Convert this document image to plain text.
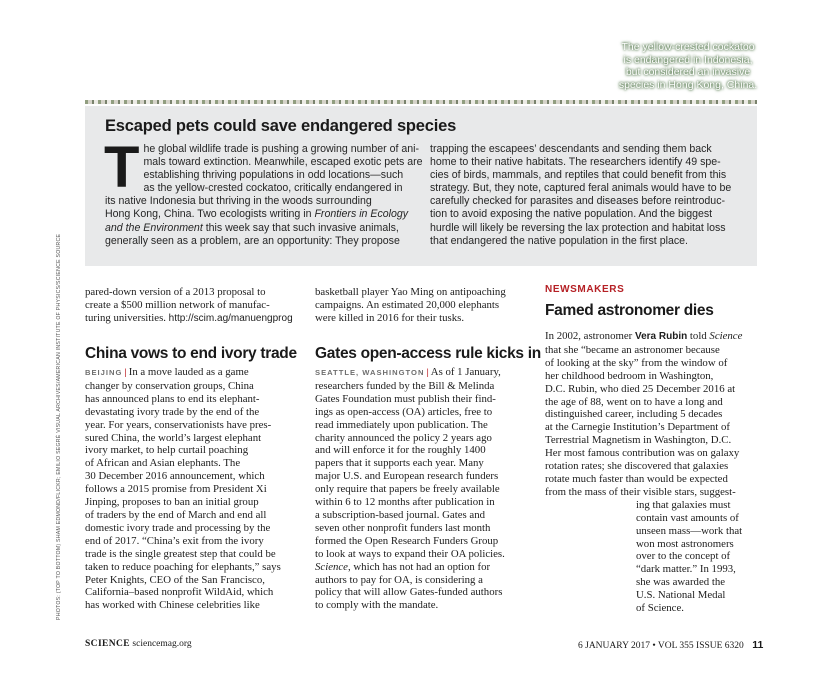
The yellow-crested cockatoo
is endangered in Indonesia,
but considered an invasive
species in Hong Kong, China.
Escaped pets could save endangered species
T he global wildlife trade is pushing a growing number of ani-
mals toward extinction. Meanwhile, escaped exotic pets are
establishing thriving populations in odd locations—such
as the yellow-crested cockatoo, critically endangered in
its native Indonesia but thriving in the woods surrounding
Hong Kong, China. Two ecologists writing in Frontiers in Ecology
and the Environment this week say that such invasive animals,
generally seen as a problem, are an opportunity: They propose
trapping the escapees’ descendants and sending them back
home to their native habitats. The researchers identify 49 spe-
cies of birds, mammals, and reptiles that could benefit from this
strategy. But, they note, captured feral animals would have to be
carefully checked for parasites and diseases before reintroduc-
tion to avoid exposing the native population. And the biggest
hurdle will likely be reversing the lax protection and habitat loss
that endangered the native population in the first place.
PHOTOS: (TOP TO BOTTOM) SHAM EDMOND/FLICKR; EMILIO SEGRÈ VISUAL ARCHIVES/AMERICAN INSTITUTE OF PHYSICS/SCIENCE SOURCE pared-down version of a 2013 proposal to
create a $500 million network of manufac-
turing universities. http://scim.ag/manuengprog
China vows to end ivory trade
BEIJING | In a move lauded as a game
changer by conservation groups, China
has announced plans to end its elephant-
devastating ivory trade by the end of the
year. For years, conservationists have pres-
sured China, the world’s largest elephant
ivory market, to help curtail poaching
of African and Asian elephants. The
30 December 2016 announcement, which
follows a 2015 promise from President Xi
Jinping, proposes to ban an initial group
of traders by the end of March and end all
domestic ivory trade and processing by the
end of 2017. “China’s exit from the ivory
trade is the single greatest step that could be
taken to reduce poaching for elephants,” says
Peter Knights, CEO of the San Francisco,
California–based nonprofit WildAid, which
has worked with Chinese celebrities like
basketball player Yao Ming on antipoaching
campaigns. An estimated 20,000 elephants
were killed in 2016 for their tusks.
Gates open-access rule kicks in
SEATTLE, WASHINGTON | As of 1 January,
researchers funded by the Bill & Melinda
Gates Foundation must publish their find-
ings as open-access (OA) articles, free to
read immediately upon publication. The
charity announced the policy 2 years ago
and will enforce it for the roughly 1400
papers that it supports each year. Many
major U.S. and European research funders
only require that papers be freely available
within 6 to 12 months after publication in
a subscription-based journal. Gates and
seven other nonprofit funders last month
formed the Open Research Funders Group
to look at ways to expand their OA policies.
Science, which has not had an option for
authors to pay for OA, is considering a
policy that will allow Gates-funded authors
to comply with the mandate.
NEWSMAKERS
Famed astronomer dies
In 2002, astronomer Vera Rubin told Science
that she “became an astronomer because
of looking at the sky” from the window of
her childhood bedroom in Washington,
D.C. Rubin, who died 25 December 2016 at
the age of 88, went on to have a long and
distinguished career, including 5 decades
at the Carnegie Institution’s Department of
Terrestrial Magnetism in Washington, D.C.
Her most famous contribution was on galaxy
rotation rates; she discovered that galaxies
rotate much faster than would be expected
from the mass of their visible stars, suggest-
ing that galaxies must
contain vast amounts of
unseen mass—work that
won most astronomers
over to the concept of
“dark matter.” In 1993,
she was awarded the
U.S. National Medal
of Science.
SCIENCE sciencemag.org	6 JANUARY 2017 • VOL 355 ISSUE 6320 11
